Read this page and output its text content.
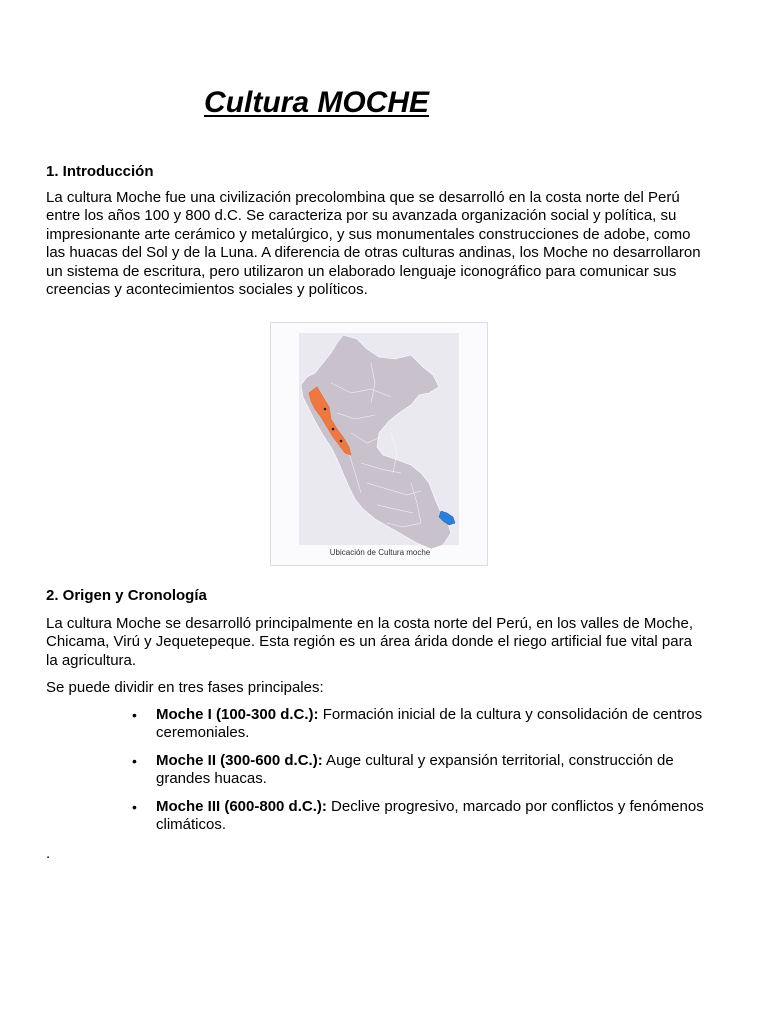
Cultura MOCHE
1. Introducción

La cultura Moche fue una civilización precolombina que se desarrolló en la costa norte del Perú entre los años 100 y 800 d.C. Se caracteriza por su avanzada organización social y política, su impresionante arte cerámico y metalúrgico, y sus monumentales construcciones de adobe, como las huacas del Sol y de la Luna. A diferencia de otras culturas andinas, los Moche no desarrollaron un sistema de escritura, pero utilizaron un elaborado lenguaje iconográfico para comunicar sus creencias y acontecimientos sociales y políticos.

Ubicación de Cultura moche
2. Origen y Cronología

La cultura Moche se desarrolló principalmente en la costa norte del Perú, en los valles de Moche, Chicama, Virú y Jequetepeque. Esta región es un área árida donde el riego artificial fue vital para la agricultura.

Se puede dividir en tres fases principales:

• Moche I (100-300 d.C.): Formación inicial de la cultura y consolidación de centros ceremoniales.
• Moche II (300-600 d.C.): Auge cultural y expansión territorial, construcción de grandes huacas.
• Moche III (600-800 d.C.): Declive progresivo, marcado por conflictos y fenómenos climáticos.
.
